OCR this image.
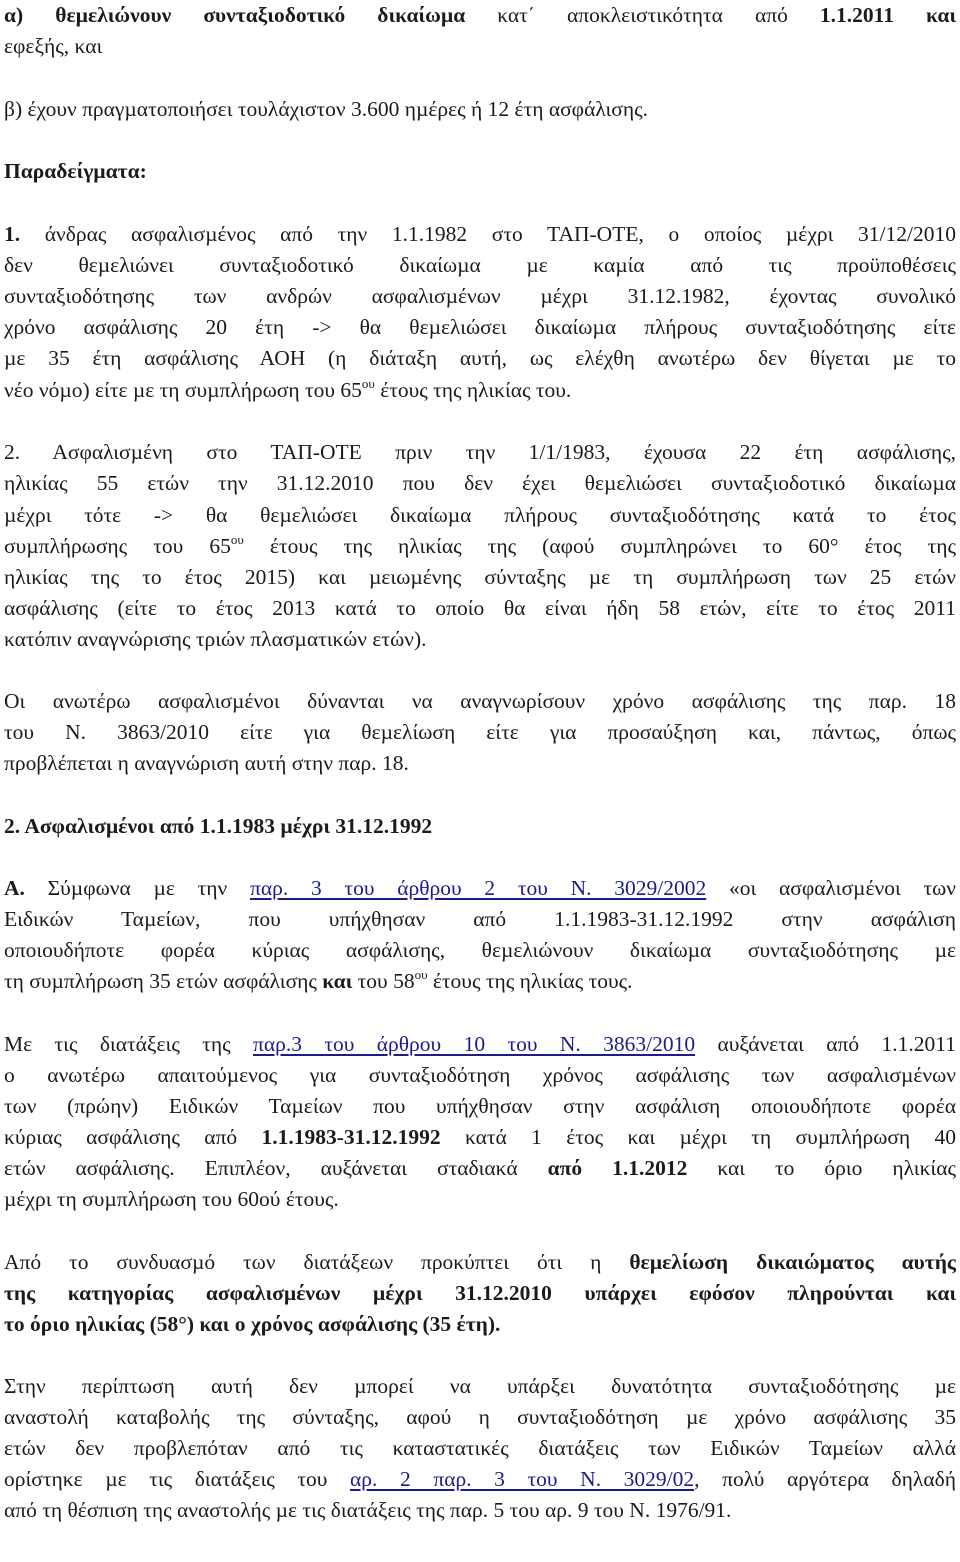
α) θεµελιώνουν συνταξιοδοτικό δικαίωµα κατ΄ αποκλειστικότητα από 1.1.2011 και
εφεξής, και
β) έχουν πραγµατοποιήσει τουλάχιστον 3.600 ηµέρες ή 12 έτη ασφάλισης.
Παραδείγµατα:
1. άνδρας ασφαλισµένος από την 1.1.1982 στο ΤΑΠ-ΟΤΕ, ο οποίος µέχρι 31/12/2010
δεν θεµελιώνει συνταξιοδοτικό δικαίωµα µε καµία από τις προϋποθέσεις
συνταξιοδότησης των ανδρών ασφαλισµένων µέχρι 31.12.1982, έχοντας συνολικό
χρόνο ασφάλισης 20 έτη -> θα θεµελιώσει δικαίωµα πλήρους συνταξιοδότησης είτε
µε 35 έτη ασφάλισης ΑΟΗ (η διάταξη αυτή, ως ελέχθη ανωτέρω δεν θίγεται µε το
νέο νόµο) είτε µε τη συµπλήρωση του $65^{o\upsilon}$ έτους της ηλικίας του.
2. Ασφαλισµένη στο ΤΑΠ-ΟΤΕ πριν την 1/1/1983, έχουσα 22 έτη ασφάλισης,
ηλικίας 55 ετών την 31.12.2010 που δεν έχει θεµελιώσει συνταξιοδοτικό δικαίωµα
µέχρι τότε -> θα θεµελιώσει δικαίωµα πλήρους συνταξιοδότησης κατά το έτος
συµπλήρωσης του $65^{o\upsilon}$ έτους της ηλικίας της (αφού συµπληρώνει το 60° έτος της
ηλικίας της το έτος 2015) και µειωµένης σύνταξης µε τη συµπλήρωση των 25 ετών
ασφάλισης (είτε το έτος 2013 κατά το οποίο θα είναι ήδη 58 ετών, είτε το έτος 2011
κατόπιν αναγνώρισης τριών πλασµατικών ετών).
Οι ανωτέρω ασφαλισµένοι δύνανται να αναγνωρίσουν χρόνο ασφάλισης της παρ. 18
του Ν. 3863/2010 είτε για θεµελίωση είτε για προσαύξηση και, πάντως, όπως
προβλέπεται η αναγνώριση αυτή στην παρ. 18.
2. Ασφαλισµένοι από 1.1.1983 µέχρι 31.12.1992
Α. Σύµφωνα µε την παρ. 3 του άρθρου 2 του Ν. 3029/2002 «οι ασφαλισµένοι των
Ειδικών Ταµείων, που υπήχθησαν από 1.1.1983-31.12.1992 στην ασφάλιση
οποιουδήποτε φορέα κύριας ασφάλισης, θεµελιώνουν δικαίωµα συνταξιοδότησης µε
τη συµπλήρωση 35 ετών ασφάλισης και του $58^{o\upsilon}$ έτους της ηλικίας τους.
Με τις διατάξεις της παρ.3 του άρθρου 10 του Ν. 3863/2010 αυξάνεται από 1.1.2011
ο ανωτέρω απαιτούµενος για συνταξιοδότηση χρόνος ασφάλισης των ασφαλισµένων
των (πρώην) Ειδικών Ταµείων που υπήχθησαν στην ασφάλιση οποιουδήποτε φορέα
κύριας ασφάλισης από 1.1.1983-31.12.1992 κατά 1 έτος και µέχρι τη συµπλήρωση 40
ετών ασφάλισης. Επιπλέον, αυξάνεται σταδιακά από 1.1.2012 και το όριο ηλικίας
µέχρι τη συµπλήρωση του 60ού έτους.
Από το συνδυασµό των διατάξεων προκύπτει ότι η θεµελίωση δικαιώµατος αυτής
της κατηγορίας ασφαλισµένων µέχρι 31.12.2010 υπάρχει εφόσον πληρούνται και
το όριο ηλικίας (58°) και ο χρόνος ασφάλισης (35 έτη).
Στην περίπτωση αυτή δεν µπορεί να υπάρξει δυνατότητα συνταξιοδότησης µε
αναστολή καταβολής της σύνταξης, αφού η συνταξιοδότηση µε χρόνο ασφάλισης 35
ετών δεν προβλεπόταν από τις καταστατικές διατάξεις των Ειδικών Ταµείων αλλά
ορίστηκε µε τις διατάξεις του αρ. 2 παρ. 3 του Ν. 3029/02, πολύ αργότερα δηλαδή
από τη θέσπιση της αναστολής µε τις διατάξεις της παρ. 5 του αρ. 9 του Ν. 1976/91.
